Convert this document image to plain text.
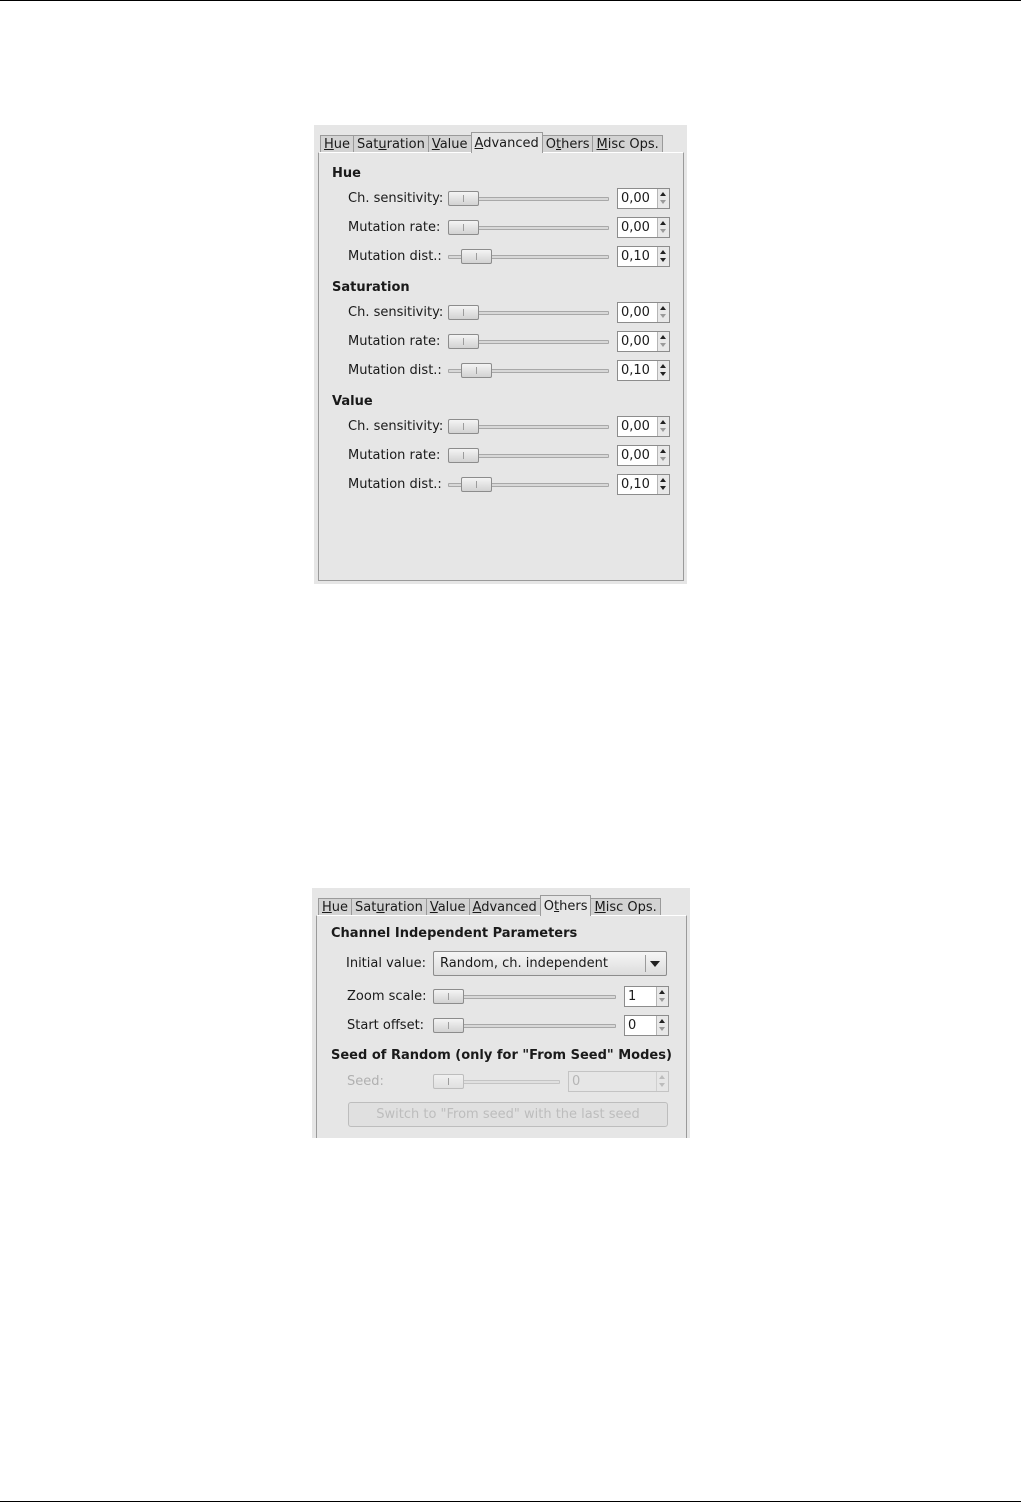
Hue Saturation Value Advanced Others Misc Ops.
Hue
Ch. sensitivity:	0,00
Mutation rate:	0,00
Mutation dist.:	0,10
Saturation
Ch. sensitivity:	0,00
Mutation rate:	0,00
Mutation dist.:	0,10
Value
Ch. sensitivity:	0,00
Mutation rate:	0,00
Mutation dist.:	0,10
Hue Saturation Value Advanced Others Misc Ops.
Channel Independent Parameters
Initial value: Random, ch. independent
Zoom scale:	1
Start offset:	0
Seed of Random (only for "From Seed" Modes)
Seed:	0
Switch to "From seed" with the last seed
